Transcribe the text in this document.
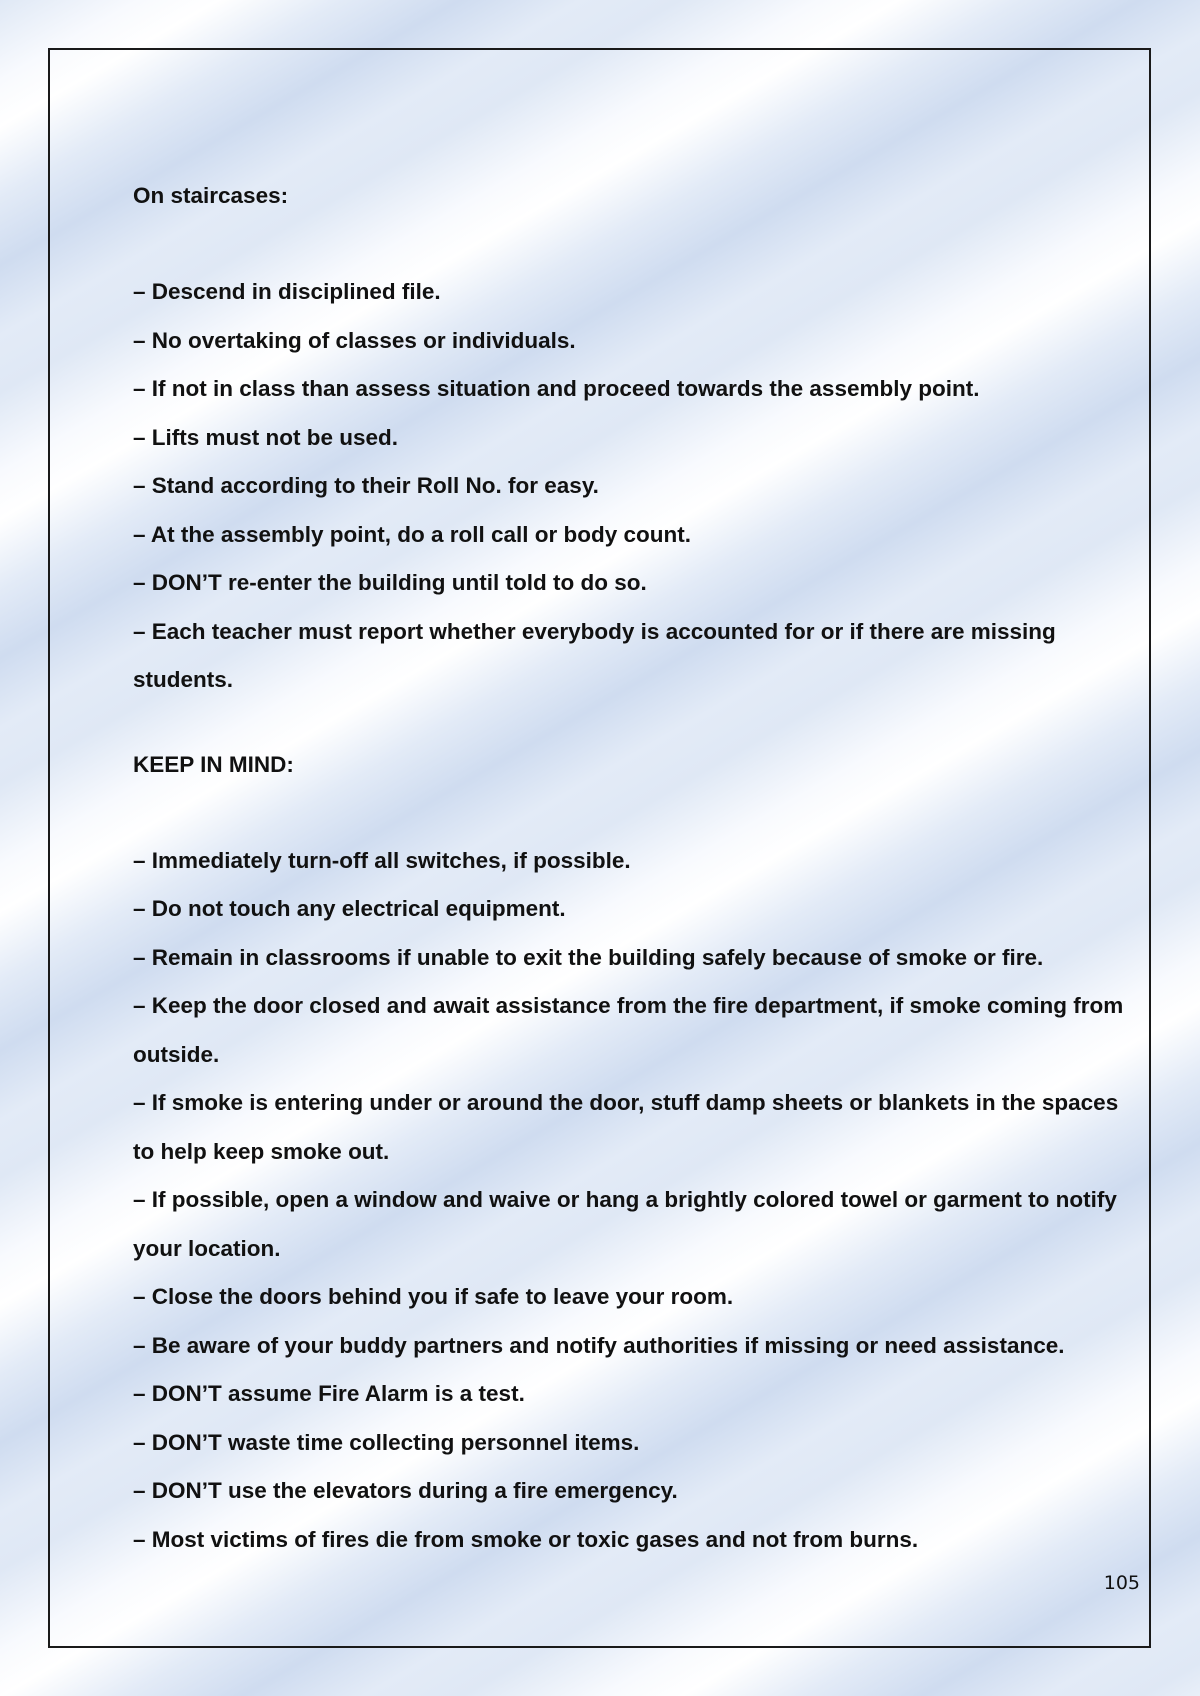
On staircases:

– Descend in disciplined file.
– No overtaking of classes or individuals.
– If not in class than assess situation and proceed towards the assembly point.
– Lifts must not be used.
– Stand according to their Roll No. for easy.
– At the assembly point, do a roll call or body count.
– DON’T re-enter the building until told to do so.
– Each teacher must report whether everybody is accounted for or if there are missing students.

KEEP IN MIND:

– Immediately turn-off all switches, if possible.
– Do not touch any electrical equipment.
– Remain in classrooms if unable to exit the building safely because of smoke or fire.
– Keep the door closed and await assistance from the fire department, if smoke coming from outside.
– If smoke is entering under or around the door, stuff damp sheets or blankets in the spaces to help keep smoke out.
– If possible, open a window and waive or hang a brightly colored towel or garment to notify your location.
– Close the doors behind you if safe to leave your room.
– Be aware of your buddy partners and notify authorities if missing or need assistance.
– DON’T assume Fire Alarm is a test.
– DON’T waste time collecting personnel items.
– DON’T use the elevators during a fire emergency.
– Most victims of fires die from smoke or toxic gases and not from burns.
105
